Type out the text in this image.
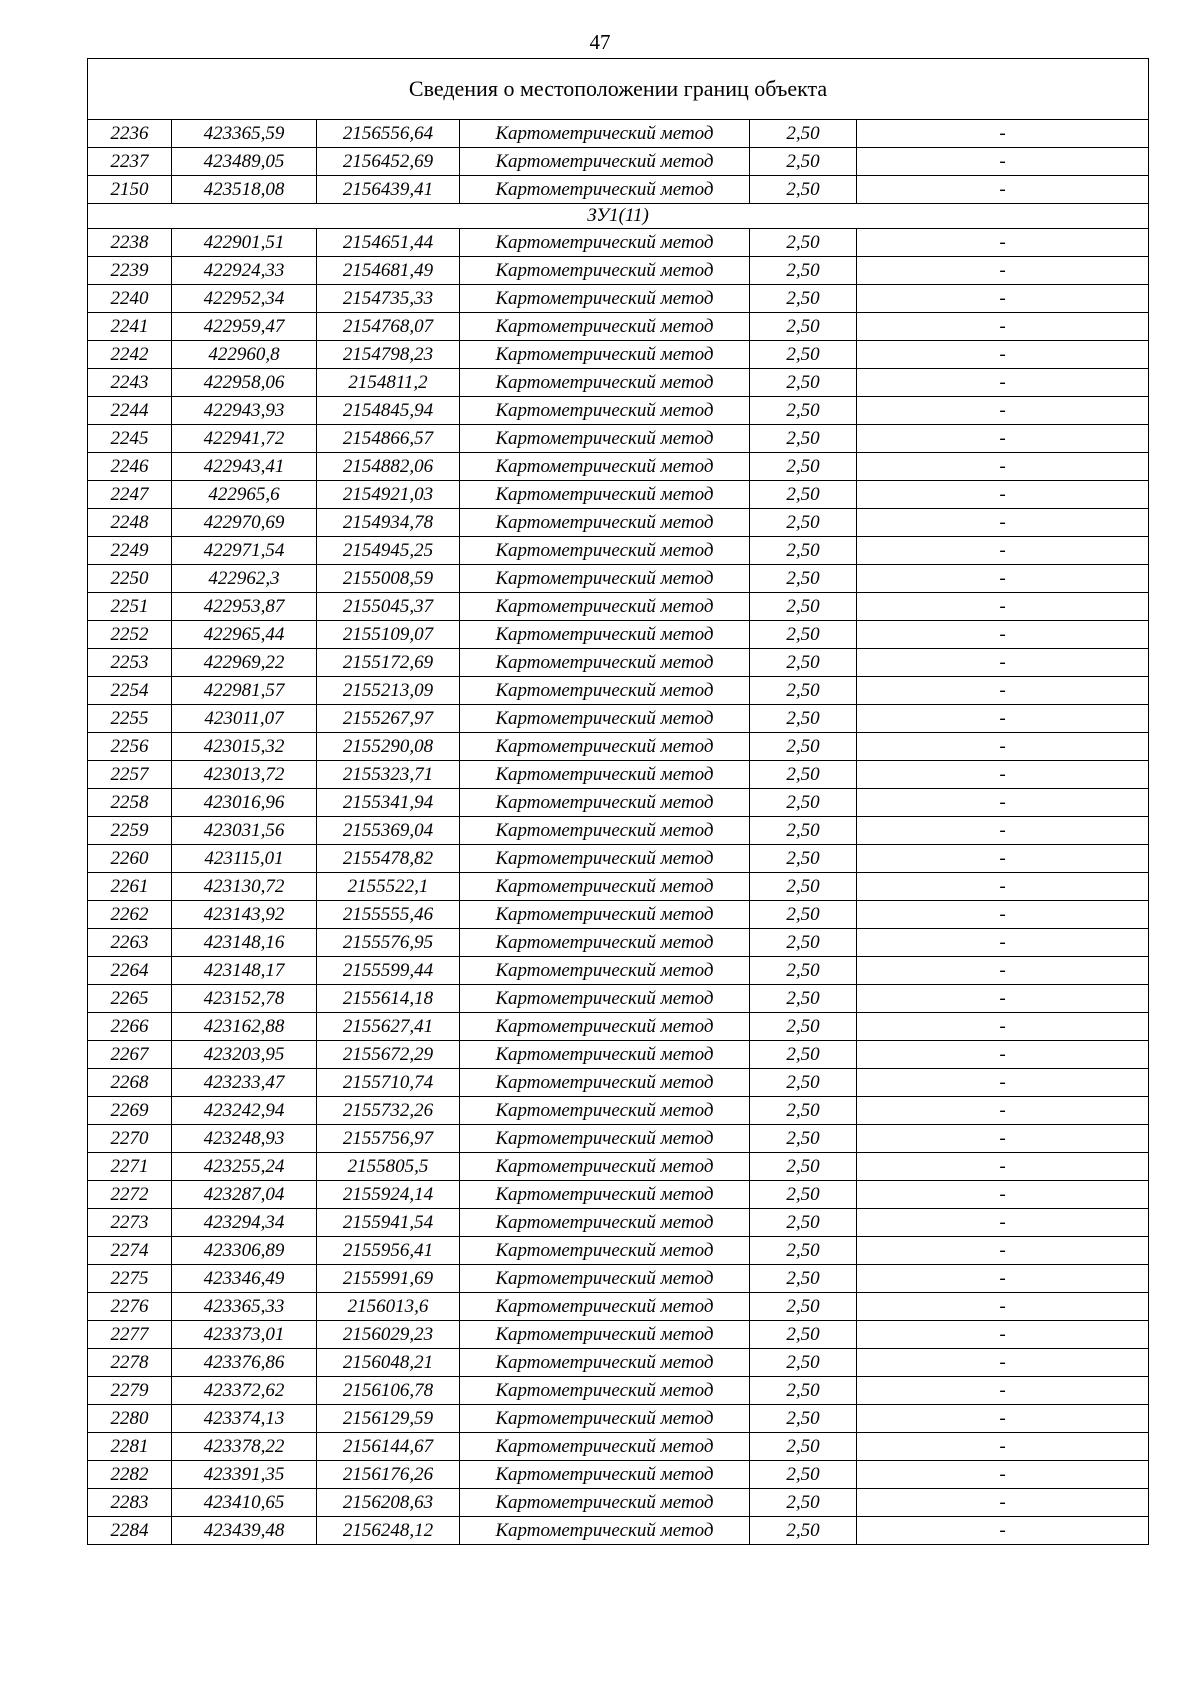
47
Сведения о местоположении границ объекта					
2236	423365,59	2156556,64	Картометрический метод	2,50	-
2237	423489,05	2156452,69	Картометрический метод	2,50	-
2150	423518,08	2156439,41	Картометрический метод	2,50	-
ЗУ1(11)					
2238	422901,51	2154651,44	Картометрический метод	2,50	-
2239	422924,33	2154681,49	Картометрический метод	2,50	-
2240	422952,34	2154735,33	Картометрический метод	2,50	-
2241	422959,47	2154768,07	Картометрический метод	2,50	-
2242	422960,8	2154798,23	Картометрический метод	2,50	-
2243	422958,06	2154811,2	Картометрический метод	2,50	-
2244	422943,93	2154845,94	Картометрический метод	2,50	-
2245	422941,72	2154866,57	Картометрический метод	2,50	-
2246	422943,41	2154882,06	Картометрический метод	2,50	-
2247	422965,6	2154921,03	Картометрический метод	2,50	-
2248	422970,69	2154934,78	Картометрический метод	2,50	-
2249	422971,54	2154945,25	Картометрический метод	2,50	-
2250	422962,3	2155008,59	Картометрический метод	2,50	-
2251	422953,87	2155045,37	Картометрический метод	2,50	-
2252	422965,44	2155109,07	Картометрический метод	2,50	-
2253	422969,22	2155172,69	Картометрический метод	2,50	-
2254	422981,57	2155213,09	Картометрический метод	2,50	-
2255	423011,07	2155267,97	Картометрический метод	2,50	-
2256	423015,32	2155290,08	Картометрический метод	2,50	-
2257	423013,72	2155323,71	Картометрический метод	2,50	-
2258	423016,96	2155341,94	Картометрический метод	2,50	-
2259	423031,56	2155369,04	Картометрический метод	2,50	-
2260	423115,01	2155478,82	Картометрический метод	2,50	-
2261	423130,72	2155522,1	Картометрический метод	2,50	-
2262	423143,92	2155555,46	Картометрический метод	2,50	-
2263	423148,16	2155576,95	Картометрический метод	2,50	-
2264	423148,17	2155599,44	Картометрический метод	2,50	-
2265	423152,78	2155614,18	Картометрический метод	2,50	-
2266	423162,88	2155627,41	Картометрический метод	2,50	-
2267	423203,95	2155672,29	Картометрический метод	2,50	-
2268	423233,47	2155710,74	Картометрический метод	2,50	-
2269	423242,94	2155732,26	Картометрический метод	2,50	-
2270	423248,93	2155756,97	Картометрический метод	2,50	-
2271	423255,24	2155805,5	Картометрический метод	2,50	-
2272	423287,04	2155924,14	Картометрический метод	2,50	-
2273	423294,34	2155941,54	Картометрический метод	2,50	-
2274	423306,89	2155956,41	Картометрический метод	2,50	-
2275	423346,49	2155991,69	Картометрический метод	2,50	-
2276	423365,33	2156013,6	Картометрический метод	2,50	-
2277	423373,01	2156029,23	Картометрический метод	2,50	-
2278	423376,86	2156048,21	Картометрический метод	2,50	-
2279	423372,62	2156106,78	Картометрический метод	2,50	-
2280	423374,13	2156129,59	Картометрический метод	2,50	-
2281	423378,22	2156144,67	Картометрический метод	2,50	-
2282	423391,35	2156176,26	Картометрический метод	2,50	-
2283	423410,65	2156208,63	Картометрический метод	2,50	-
2284	423439,48	2156248,12	Картометрический метод	2,50	-
